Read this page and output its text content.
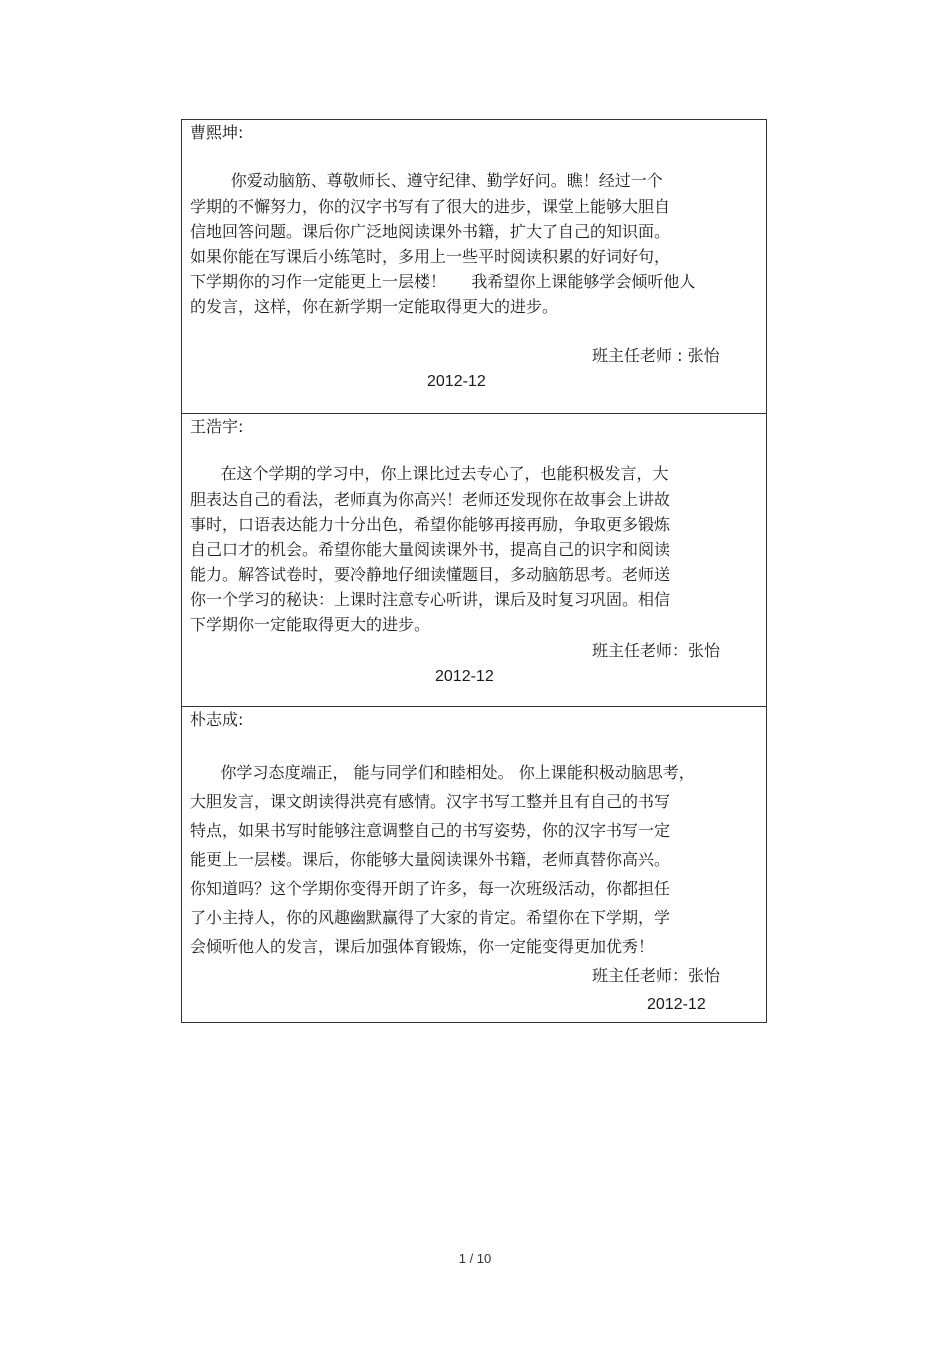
曹熙坤:
你爱动脑筋、尊敬师长、遵守纪律、勤学好问。瞧！经过一个
学期的不懈努力，你的汉字书写有了很大的进步，课堂上能够大胆自
信地回答问题。课后你广泛地阅读课外书籍，扩大了自己的知识面。
如果你能在写课后小练笔时，多用上一些平时阅读积累的好词好句，
下学期你的习作一定能更上一层楼！     我希望你上课能够学会倾听他人
的发言，这样，你在新学期一定能取得更大的进步。
班主任老师 : 张怡
2012-12
王浩宇:
在这个学期的学习中，你上课比过去专心了，也能积极发言，大
胆表达自己的看法，老师真为你高兴！老师还发现你在故事会上讲故
事时，口语表达能力十分出色，希望你能够再接再励，争取更多锻炼
自己口才的机会。希望你能大量阅读课外书，提高自己的识字和阅读
能力。解答试卷时，要冷静地仔细读懂题目，多动脑筋思考。老师送
你一个学习的秘诀：上课时注意专心听讲，课后及时复习巩固。相信
下学期你一定能取得更大的进步。
班主任老师：张怡
2012-12
朴志成:
你学习态度端正， 能与同学们和睦相处。 你上课能积极动脑思考，
大胆发言，课文朗读得洪亮有感情。汉字书写工整并且有自己的书写
特点，如果书写时能够注意调整自己的书写姿势，你的汉字书写一定
能更上一层楼。课后，你能够大量阅读课外书籍，老师真替你高兴。
你知道吗？这个学期你变得开朗了许多，每一次班级活动，你都担任
了小主持人，你的风趣幽默赢得了大家的肯定。希望你在下学期，学
会倾听他人的发言，课后加强体育锻炼，你一定能变得更加优秀！
班主任老师：张怡
2012-12
1 / 10
